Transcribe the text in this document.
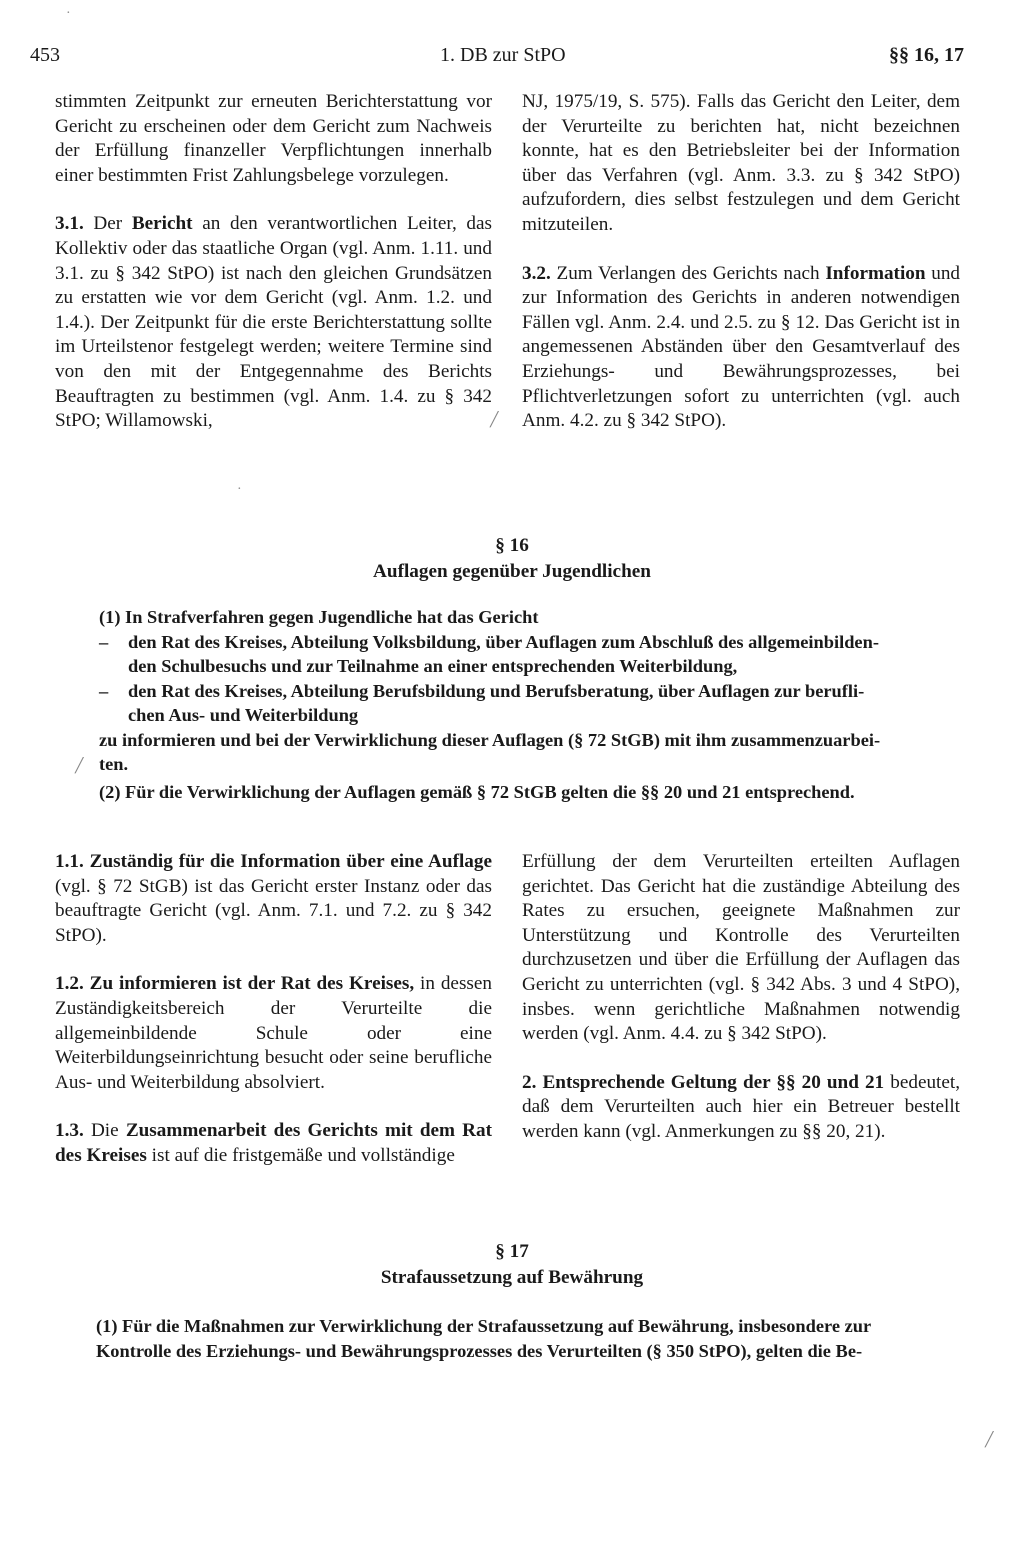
453	1. DB zur StPO	§§ 16, 17

stimmten Zeitpunkt zur erneuten Berichterstattung vor Gericht zu erscheinen oder dem Gericht zum Nachweis der Erfüllung finanzeller Verpflichtungen innerhalb einer bestimmten Frist Zahlungsbelege vorzulegen.

3.1. Der Bericht an den verantwortlichen Leiter, das Kollektiv oder das staatliche Organ (vgl. Anm. 1.11. und 3.1. zu § 342 StPO) ist nach den gleichen Grundsätzen zu erstatten wie vor dem Gericht (vgl. Anm. 1.2. und 1.4.). Der Zeitpunkt für die erste Berichterstattung sollte im Urteilstenor festgelegt werden; weitere Termine sind von den mit der Entgegennahme des Berichts Beauftragten zu bestimmen (vgl. Anm. 1.4. zu § 342 StPO; Willamowski,

NJ, 1975/19, S. 575). Falls das Gericht den Leiter, dem der Verurteilte zu berichten hat, nicht bezeichnen konnte, hat es den Betriebsleiter bei der Information über das Verfahren (vgl. Anm. 3.3. zu § 342 StPO) aufzufordern, dies selbst festzulegen und dem Gericht mitzuteilen.

3.2. Zum Verlangen des Gerichts nach Information und zur Information des Gerichts in anderen notwendigen Fällen vgl. Anm. 2.4. und 2.5. zu § 12. Das Gericht ist in angemessenen Abständen über den Gesamtverlauf des Erziehungs- und Bewährungsprozesses, bei Pflichtverletzungen sofort zu unterrichten (vgl. auch Anm. 4.2. zu § 342 StPO).

§ 16
Auflagen gegenüber Jugendlichen
(1) In Strafverfahren gegen Jugendliche hat das Gericht
– den Rat des Kreises, Abteilung Volksbildung, über Auflagen zum Abschluß des allgemeinbilden-
den Schulbesuchs und zur Teilnahme an einer entsprechenden Weiterbildung,
– den Rat des Kreises, Abteilung Berufsbildung und Berufsberatung, über Auflagen zur berufli-
chen Aus- und Weiterbildung
zu informieren und bei der Verwirklichung dieser Auflagen (§ 72 StGB) mit ihm zusammenzuarbei-
ten.
(2) Für die Verwirklichung der Auflagen gemäß § 72 StGB gelten die §§ 20 und 21 entsprechend.

1.1. Zuständig für die Information über eine Auflage (vgl. § 72 StGB) ist das Gericht erster Instanz oder das beauftragte Gericht (vgl. Anm. 7.1. und 7.2. zu § 342 StPO).

1.2. Zu informieren ist der Rat des Kreises, in dessen Zuständigkeitsbereich der Verurteilte die allgemeinbildende Schule oder eine Weiterbildungseinrichtung besucht oder seine berufliche Aus- und Weiterbildung absolviert.

1.3. Die Zusammenarbeit des Gerichts mit dem Rat des Kreises ist auf die fristgemäße und vollständige

Erfüllung der dem Verurteilten erteilten Auflagen gerichtet. Das Gericht hat die zuständige Abteilung des Rates zu ersuchen, geeignete Maßnahmen zur Unterstützung und Kontrolle des Verurteilten durchzusetzen und über die Erfüllung der Auflagen das Gericht zu unterrichten (vgl. § 342 Abs. 3 und 4 StPO), insbes. wenn gerichtliche Maßnahmen notwendig werden (vgl. Anm. 4.4. zu § 342 StPO).

2. Entsprechende Geltung der §§ 20 und 21 bedeutet, daß dem Verurteilten auch hier ein Betreuer bestellt werden kann (vgl. Anmerkungen zu §§ 20, 21).

§ 17
Strafaussetzung auf Bewährung
(1) Für die Maßnahmen zur Verwirklichung der Strafaussetzung auf Bewährung, insbesondere zur
Kontrolle des Erziehungs- und Bewährungsprozesses des Verurteilten (§ 350 StPO), gelten die Be-
·
·
╱
╱
╱
